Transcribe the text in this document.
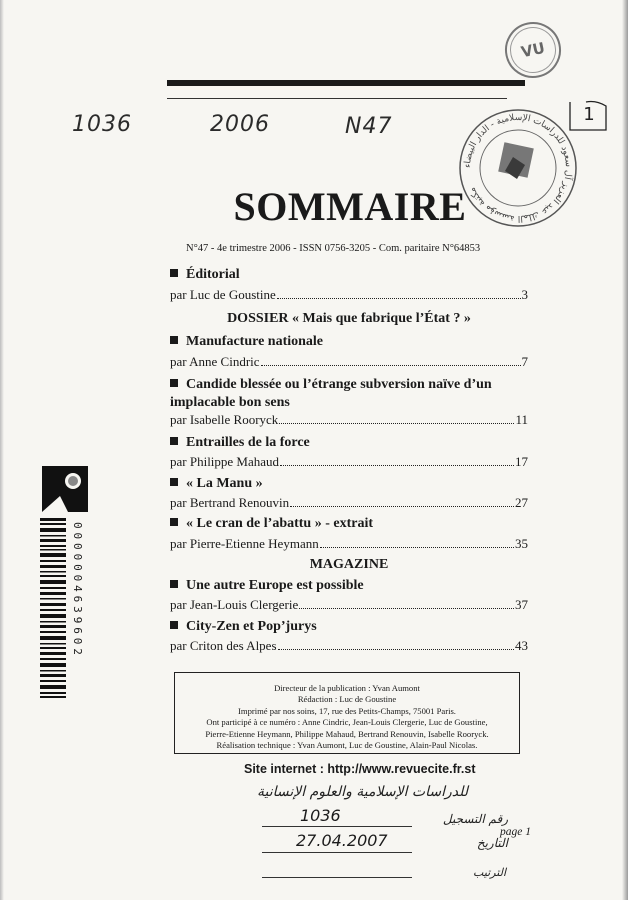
VU
1
1036	2006	N47
مكتبة مؤسسة الملك عبد العزيز آل سعود للدراسات الإسلامية - الدار البيضاء
SOMMAIRE
N°47 - 4e trimestre 2006 - ISSN 0756-3205 - Com. paritaire N°64853
Éditorial
par Luc de Goustine	3
DOSSIER « Mais que fabrique l’État ? »
Manufacture nationale
par Anne Cindric	7
Candide blessée ou l’étrange subversion naïve d’un implacable bon sens
par Isabelle Rooryck	11
Entrailles de la force
par Philippe Mahaud	17
« La Manu »
par Bertrand Renouvin	27
« Le cran de l’abattu » - extrait
par Pierre-Etienne Heymann	35
MAGAZINE
Une autre Europe est possible
par Jean-Louis Clergerie	37
City-Zen et Pop’jurys
par Criton des Alpes	43
Directeur de la publication : Yvan Aumont
Rédaction : Luc de Goustine
Imprimé par nos soins, 17, rue des Petits-Champs, 75001 Paris.
Ont participé à ce numéro : Anne Cindric, Jean-Louis Clergerie, Luc de Goustine,
Pierre-Etienne Heymann, Philippe Mahaud, Bertrand Renouvin, Isabelle Rooryck.
Réalisation technique : Yvan Aumont, Luc de Goustine, Alain-Paul Nicolas.
Site internet : http://www.revuecite.fr.st
للدراسات الإسلامية والعلوم الإنسانية
رقم التسجيل
1036
التاريخ
27.04.2007
الترتيب
page 1
0000004639602
